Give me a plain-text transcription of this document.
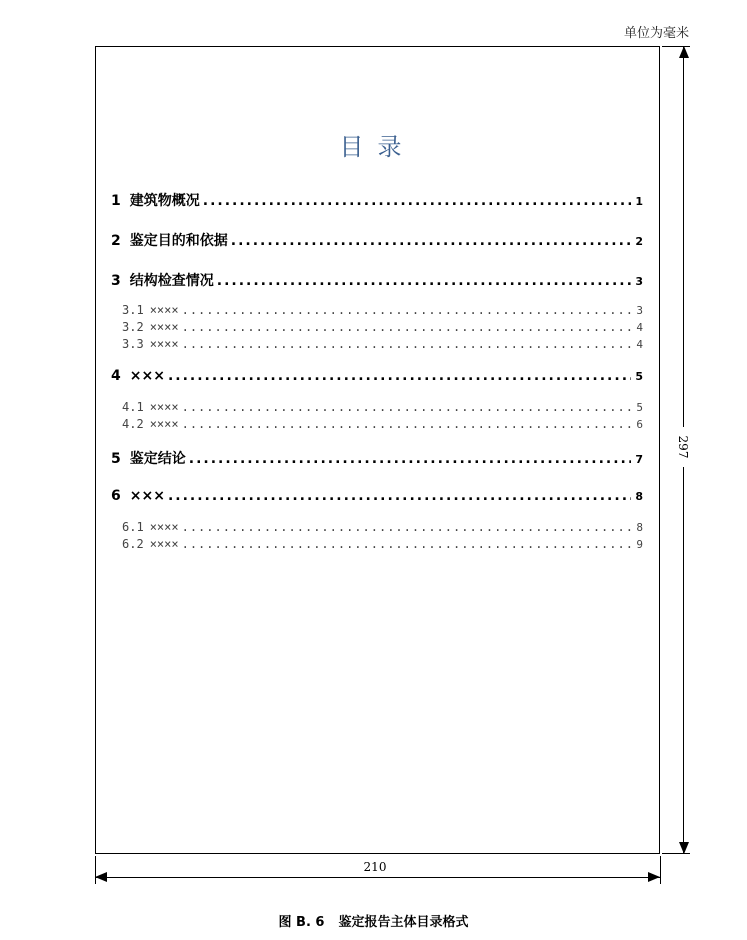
单位为毫米
目录
1 建筑物概况 .....	1
2 鉴定目的和依据 .....	2
3 结构检查情况 .....	3
3.1 ×××× .....	3
3.2 ×××× .....	4
3.3 ×××× .....	4
4 ××× .....	5
4.1 ×××× .....	5
4.2 ×××× .....	6
5 鉴定结论 .....	7
6 ××× .....	8
6.1 ×××× .....	8
6.2 ×××× .....	9
297
210
图 B. 6 鉴定报告主体目录格式
